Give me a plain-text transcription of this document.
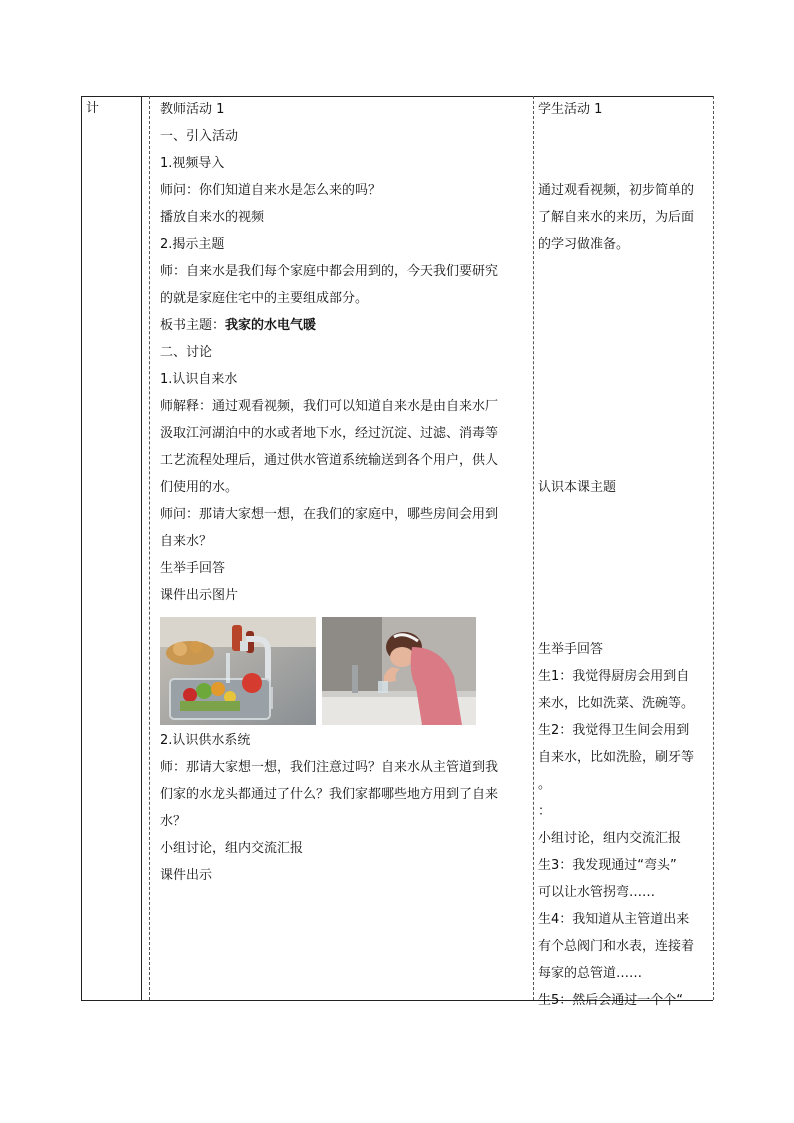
计	教师活动 1

一、引入活动

1.视频导入

师问：你们知道自来水是怎么来的吗？

播放自来水的视频

2.揭示主题

师：自来水是我们每个家庭中都会用到的，今天我们要研究

的就是家庭住宅中的主要组成部分。

板书主题：我家的水电气暖

二、讨论

1.认识自来水

师解释：通过观看视频，我们可以知道自来水是由自来水厂

汲取江河湖泊中的水或者地下水，经过沉淀、过滤、消毒等

工艺流程处理后，通过供水管道系统输送到各个用户，供人

们使用的水。

师问：那请大家想一想，在我们的家庭中，哪些房间会用到

自来水？

生举手回答

课件出示图片

2.认识供水系统

师：那请大家想一想，我们注意过吗？自来水从主管道到我

们家的水龙头都通过了什么？我们家都哪些地方用到了自来

水？

小组讨论，组内交流汇报

课件出示

学生活动 1

通过观看视频，初步简单的

了解自来水的来历，为后面

的学习做准备。

认识本课主题

生举手回答

生1：我觉得厨房会用到自

来水，比如洗菜、洗碗等。

生2：我觉得卫生间会用到

自来水，比如洗脸，刷牙等

。

：

小组讨论，组内交流汇报

生3：我发现通过“弯头”

可以让水管拐弯……

生4：我知道从主管道出来

有个总阀门和水表，连接着

每家的总管道……

生5：然后会通过一个个“
